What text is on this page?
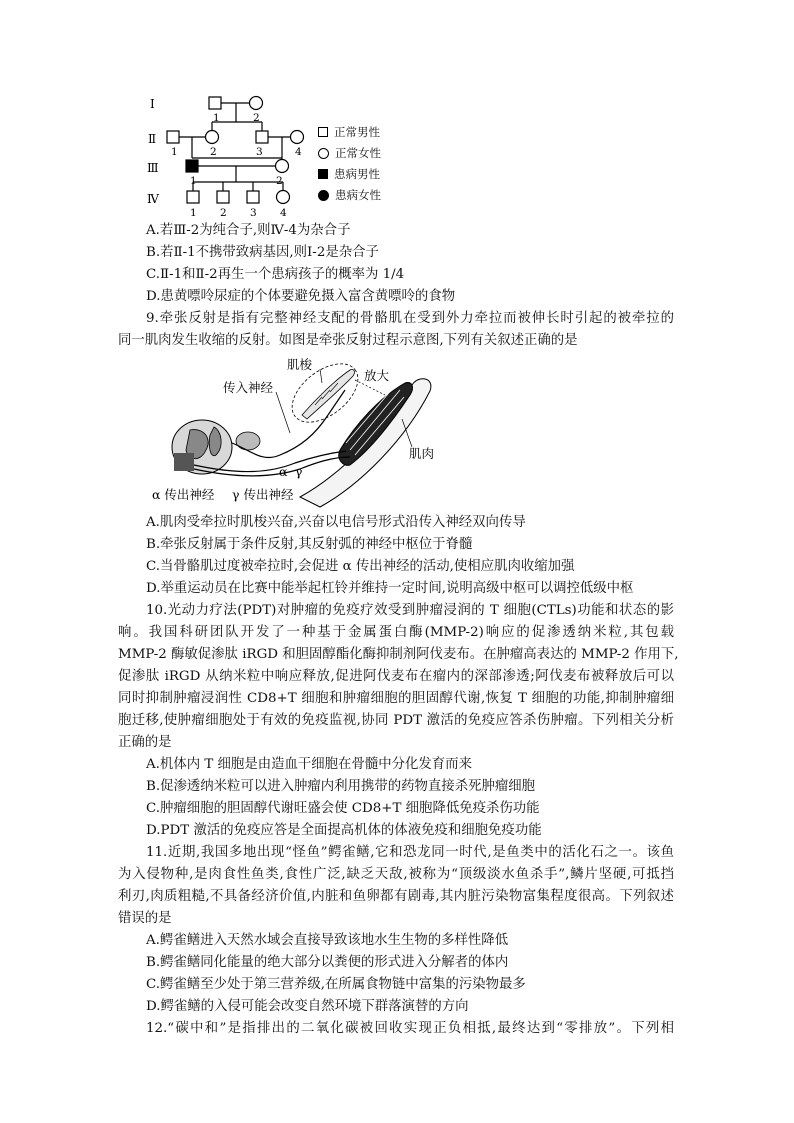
Ⅰ
Ⅱ
Ⅲ
Ⅳ
1	2
1	2	3	4
1	2
1 2 3 4
正常男性
正常女性
患病男性
患病女性
A.若Ⅲ-2为纯合子,则Ⅳ-4为杂合子
B.若Ⅱ-1不携带致病基因,则Ⅰ-2是杂合子
C.Ⅱ-1和Ⅱ-2再生一个患病孩子的概率为 1/4
D.患黄嘌呤尿症的个体要避免摄入富含黄嘌呤的食物
9.牵张反射是指有完整神经支配的骨骼肌在受到外力牵拉而被伸长时引起的被牵拉的
同一肌肉发生收缩的反射。如图是牵张反射过程示意图,下列有关叙述正确的是
肌梭
放大
传入神经
肌肉
α γ
α 传出神经 γ 传出神经
A.肌肉受牵拉时肌梭兴奋,兴奋以电信号形式沿传入神经双向传导
B.牵张反射属于条件反射,其反射弧的神经中枢位于脊髓
C.当骨骼肌过度被牵拉时,会促进 α 传出神经的活动,使相应肌肉收缩加强
D.举重运动员在比赛中能举起杠铃并维持一定时间,说明高级中枢可以调控低级中枢
10.光动力疗法(PDT)对肿瘤的免疫疗效受到肿瘤浸润的 T 细胞(CTLs)功能和状态的影
响。我国科研团队开发了一种基于金属蛋白酶(MMP-2)响应的促渗透纳米粒,其包载
MMP-2 酶敏促渗肽 iRGD 和胆固醇酯化酶抑制剂阿伐麦布。在肿瘤高表达的 MMP-2 作用下,
促渗肽 iRGD 从纳米粒中响应释放,促进阿伐麦布在瘤内的深部渗透;阿伐麦布被释放后可以
同时抑制肿瘤浸润性 CD8+T 细胞和肿瘤细胞的胆固醇代谢,恢复 T 细胞的功能,抑制肿瘤细
胞迁移,使肿瘤细胞处于有效的免疫监视,协同 PDT 激活的免疫应答杀伤肿瘤。下列相关分析
正确的是
A.机体内 T 细胞是由造血干细胞在骨髓中分化发育而来
B.促渗透纳米粒可以进入肿瘤内利用携带的药物直接杀死肿瘤细胞
C.肿瘤细胞的胆固醇代谢旺盛会使 CD8+T 细胞降低免疫杀伤功能
D.PDT 激活的免疫应答是全面提高机体的体液免疫和细胞免疫功能
11.近期,我国多地出现“怪鱼”鳄雀鳝,它和恐龙同一时代,是鱼类中的活化石之一。该鱼
为入侵物种,是肉食性鱼类,食性广泛,缺乏天敌,被称为“顶级淡水鱼杀手”,鳞片坚硬,可抵挡
利刃,肉质粗糙,不具备经济价值,内脏和鱼卵都有剧毒,其内脏污染物富集程度很高。下列叙述
错误的是
A.鳄雀鳝进入天然水域会直接导致该地水生生物的多样性降低
B.鳄雀鳝同化能量的绝大部分以粪便的形式进入分解者的体内
C.鳄雀鳝至少处于第三营养级,在所属食物链中富集的污染物最多
D.鳄雀鳝的入侵可能会改变自然环境下群落演替的方向
12.“碳中和”是指排出的二氧化碳被回收实现正负相抵,最终达到“零排放”。下列相
